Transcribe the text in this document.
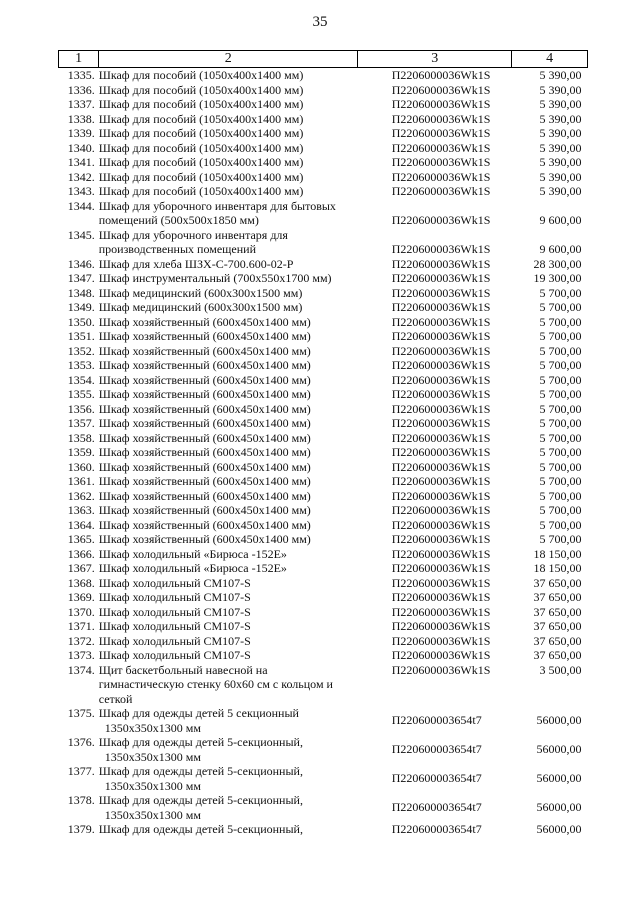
35
1	2	3	4
1335.	Шкаф для пособий (1050x400x1400 мм)	П2206000036Wk1S	5 390,00
1336.	Шкаф для пособий (1050x400x1400 мм)	П2206000036Wk1S	5 390,00
1337.	Шкаф для пособий (1050x400x1400 мм)	П2206000036Wk1S	5 390,00
1338.	Шкаф для пособий (1050x400x1400 мм)	П2206000036Wk1S	5 390,00
1339.	Шкаф для пособий (1050x400x1400 мм)	П2206000036Wk1S	5 390,00
1340.	Шкаф для пособий (1050x400x1400 мм)	П2206000036Wk1S	5 390,00
1341.	Шкаф для пособий (1050x400x1400 мм)	П2206000036Wk1S	5 390,00
1342.	Шкаф для пособий (1050x400x1400 мм)	П2206000036Wk1S	5 390,00
1343.	Шкаф для пособий (1050x400x1400 мм)	П2206000036Wk1S	5 390,00
1344.	Шкаф для уборочного инвентаря для бытовых
помещений (500x500x1850 мм)	П2206000036Wk1S	9 600,00
1345.	Шкаф для уборочного инвентаря для
производственных помещений	П2206000036Wk1S	9 600,00
1346.	Шкаф для хлеба ШЗХ-С-700.600-02-Р	П2206000036Wk1S	28 300,00
1347.	Шкаф инструментальный (700x550x1700 мм)	П2206000036Wk1S	19 300,00
1348.	Шкаф медицинский (600x300x1500 мм)	П2206000036Wk1S	5 700,00
1349.	Шкаф медицинский (600x300x1500 мм)	П2206000036Wk1S	5 700,00
1350.	Шкаф хозяйственный (600x450x1400 мм)	П2206000036Wk1S	5 700,00
1351.	Шкаф хозяйственный (600x450x1400 мм)	П2206000036Wk1S	5 700,00
1352.	Шкаф хозяйственный (600x450x1400 мм)	П2206000036Wk1S	5 700,00
1353.	Шкаф хозяйственный (600x450x1400 мм)	П2206000036Wk1S	5 700,00
1354.	Шкаф хозяйственный (600x450x1400 мм)	П2206000036Wk1S	5 700,00
1355.	Шкаф хозяйственный (600x450x1400 мм)	П2206000036Wk1S	5 700,00
1356.	Шкаф хозяйственный (600x450x1400 мм)	П2206000036Wk1S	5 700,00
1357.	Шкаф хозяйственный (600x450x1400 мм)	П2206000036Wk1S	5 700,00
1358.	Шкаф хозяйственный (600x450x1400 мм)	П2206000036Wk1S	5 700,00
1359.	Шкаф хозяйственный (600x450x1400 мм)	П2206000036Wk1S	5 700,00
1360.	Шкаф хозяйственный (600x450x1400 мм)	П2206000036Wk1S	5 700,00
1361.	Шкаф хозяйственный (600x450x1400 мм)	П2206000036Wk1S	5 700,00
1362.	Шкаф хозяйственный (600x450x1400 мм)	П2206000036Wk1S	5 700,00
1363.	Шкаф хозяйственный (600x450x1400 мм)	П2206000036Wk1S	5 700,00
1364.	Шкаф хозяйственный (600x450x1400 мм)	П2206000036Wk1S	5 700,00
1365.	Шкаф хозяйственный (600x450x1400 мм)	П2206000036Wk1S	5 700,00
1366.	Шкаф холодильный «Бирюса -152Е»	П2206000036Wk1S	18 150,00
1367.	Шкаф холодильный «Бирюса -152Е»	П2206000036Wk1S	18 150,00
1368.	Шкаф холодильный СМ107-S	П2206000036Wk1S	37 650,00
1369.	Шкаф холодильный СМ107-S	П2206000036Wk1S	37 650,00
1370.	Шкаф холодильный СМ107-S	П2206000036Wk1S	37 650,00
1371.	Шкаф холодильный СМ107-S	П2206000036Wk1S	37 650,00
1372.	Шкаф холодильный СМ107-S	П2206000036Wk1S	37 650,00
1373.	Шкаф холодильный СМ107-S	П2206000036Wk1S	37 650,00
1374.	Щит баскетбольный навесной на
гимнастическую стенку 60x60 см с кольцом и
сеткой	П2206000036Wk1S	3 500,00
1375.	Шкаф для одежды детей 5 секционный
1350x350x1300 мм	П220600003654t7	56000,00
1376.	Шкаф для одежды детей 5-секционный,
1350x350x1300 мм	П220600003654t7	56000,00
1377.	Шкаф для одежды детей 5-секционный,
1350x350x1300 мм	П220600003654t7	56000,00
1378.	Шкаф для одежды детей 5-секционный,
1350x350x1300 мм	П220600003654t7	56000,00
1379.	Шкаф для одежды детей 5-секционный,	П220600003654t7	56000,00
